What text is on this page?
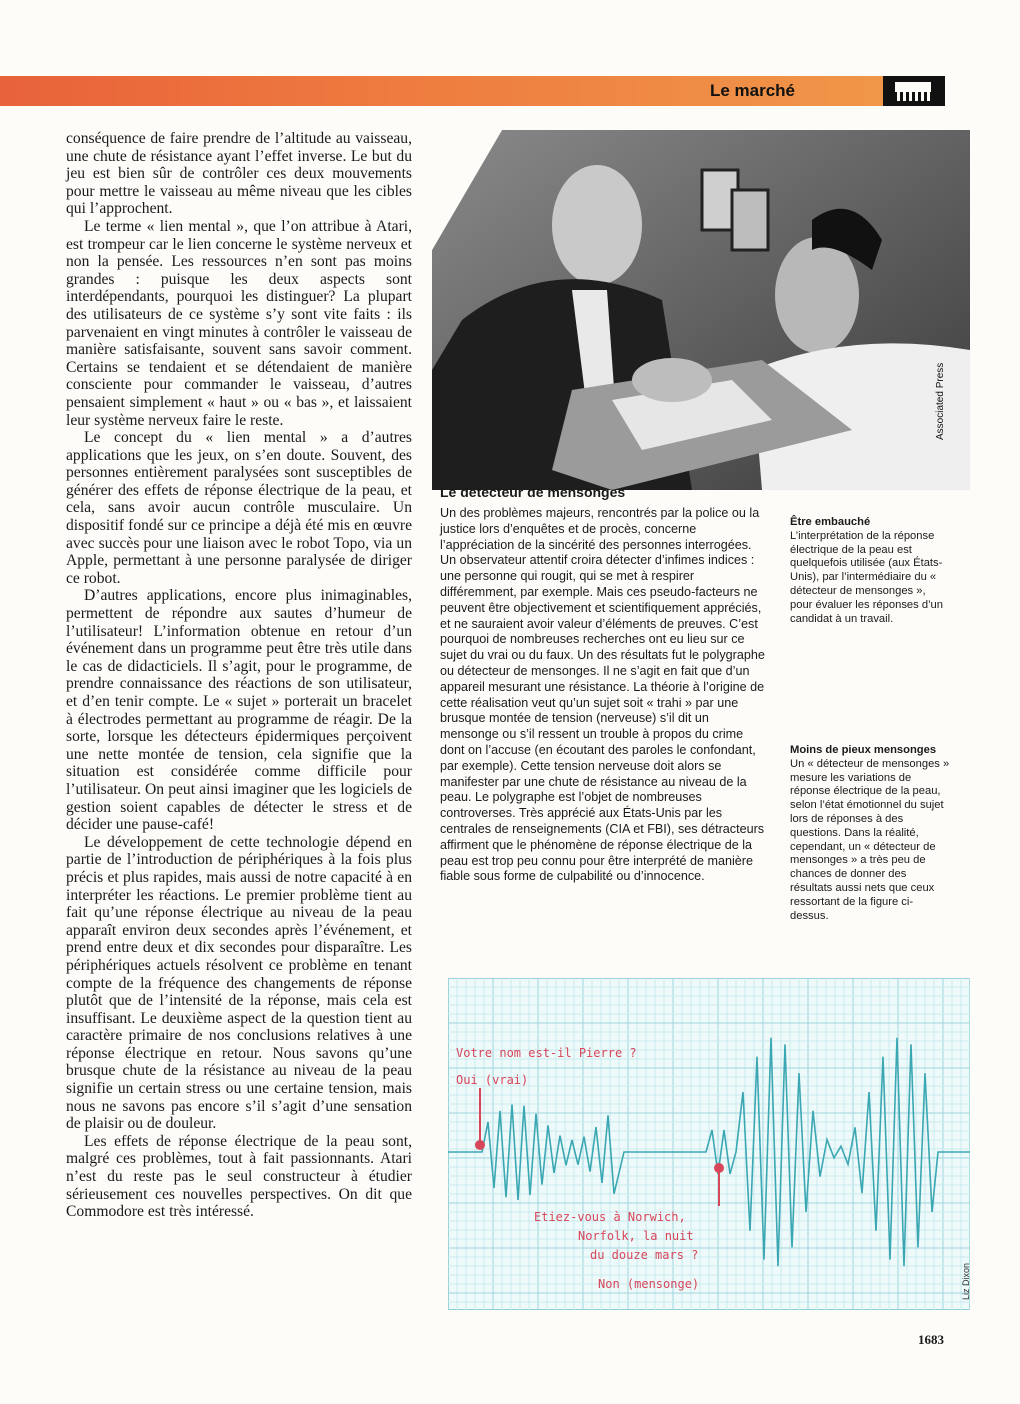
Le marché

conséquence de faire prendre de l’altitude au vaisseau, une chute de résistance ayant l’effet inverse. Le but du jeu est bien sûr de contrôler ces deux mouvements pour mettre le vaisseau au même niveau que les cibles qui l’approchent.

Le terme « lien mental », que l’on attribue à Atari, est trompeur car le lien concerne le système nerveux et non la pensée. Les ressources n’en sont pas moins grandes : puisque les deux aspects sont interdépendants, pourquoi les distinguer? La plupart des utilisateurs de ce système s’y sont vite faits : ils parvenaient en vingt minutes à contrôler le vaisseau de manière satisfaisante, souvent sans savoir comment. Certains se tendaient et se détendaient de manière consciente pour commander le vaisseau, d’autres pensaient simplement « haut » ou « bas », et laissaient leur système nerveux faire le reste.

Le concept du « lien mental » a d’autres applications que les jeux, on s’en doute. Souvent, des personnes entièrement paralysées sont susceptibles de générer des effets de réponse électrique de la peau, et cela, sans avoir aucun contrôle musculaire. Un dispositif fondé sur ce principe a déjà été mis en œuvre avec succès pour une liaison avec le robot Topo, via un Apple, permettant à une personne paralysée de diriger ce robot.

D’autres applications, encore plus inimaginables, permettent de répondre aux sautes d’humeur de l’utilisateur! L’information obtenue en retour d’un événement dans un programme peut être très utile dans le cas de didacticiels. Il s’agit, pour le programme, de prendre connaissance des réactions de son utilisateur, et d’en tenir compte. Le « sujet » porterait un bracelet à électrodes permettant au programme de réagir. De la sorte, lorsque les détecteurs épidermiques perçoivent une nette montée de tension, cela signifie que la situation est considérée comme difficile pour l’utilisateur. On peut ainsi imaginer que les logiciels de gestion soient capables de détecter le stress et de décider une pause-café!

Le développement de cette technologie dépend en partie de l’introduction de périphériques à la fois plus précis et plus rapides, mais aussi de notre capacité à en interpréter les réactions. Le premier problème tient au fait qu’une réponse électrique au niveau de la peau apparaît environ deux secondes après l’événement, et prend entre deux et dix secondes pour disparaître. Les périphériques actuels résolvent ce problème en tenant compte de la fréquence des changements de réponse plutôt que de l’intensité de la réponse, mais cela est insuffisant. Le deuxième aspect de la question tient au caractère primaire de nos conclusions relatives à une réponse électrique en retour. Nous savons qu’une brusque chute de la résistance au niveau de la peau signifie un certain stress ou une certaine tension, mais nous ne savons pas encore s’il s’agit d’une sensation de plaisir ou de douleur.

Les effets de réponse électrique de la peau sont, malgré ces problèmes, tout à fait passionnants. Atari n’est du reste pas le seul constructeur à étudier sérieusement ces nouvelles perspectives. On dit que Commodore est très intéressé.

Associated Press
Le détecteur de mensonges

Un des problèmes majeurs, rencontrés par la police ou la justice lors d’enquêtes et de procès, concerne l’appréciation de la sincérité des personnes interrogées. Un observateur attentif croira détecter d’infimes indices : une personne qui rougit, qui se met à respirer différemment, par exemple. Mais ces pseudo-facteurs ne peuvent être objectivement et scientifiquement appréciés, et ne sauraient avoir valeur d’éléments de preuves. C’est pourquoi de nombreuses recherches ont eu lieu sur ce sujet du vrai ou du faux. Un des résultats fut le polygraphe ou détecteur de mensonges. Il ne s’agit en fait que d’un appareil mesurant une résistance. La théorie à l’origine de cette réalisation veut qu’un sujet soit « trahi » par une brusque montée de tension (nerveuse) s’il dit un mensonge ou s’il ressent un trouble à propos du crime dont on l’accuse (en écoutant des paroles le confondant, par exemple). Cette tension nerveuse doit alors se manifester par une chute de résistance au niveau de la peau. Le polygraphe est l’objet de nombreuses controverses. Très apprécié aux États-Unis par les centrales de renseignements (CIA et FBI), ses détracteurs affirment que le phénomène de réponse électrique de la peau est trop peu connu pour être interprété de manière fiable sous forme de culpabilité ou d’innocence.

Être embauché
L’interprétation de la réponse électrique de la peau est quelquefois utilisée (aux États-Unis), par l’intermédiaire du « détecteur de mensonges », pour évaluer les réponses d’un candidat à un travail.
Moins de pieux mensonges
Un « détecteur de mensonges » mesure les variations de réponse électrique de la peau, selon l’état émotionnel du sujet lors de réponses à des questions. Dans la réalité, cependant, un « détecteur de mensonges » a très peu de chances de donner des résultats aussi nets que ceux ressortant de la figure ci-dessus.
Votre nom est-il Pierre ?
Oui (vrai)
Etiez-vous à Norwich,
Norfolk, la nuit
du douze mars ?
Non (mensonge)	Liz Dixon
1683
